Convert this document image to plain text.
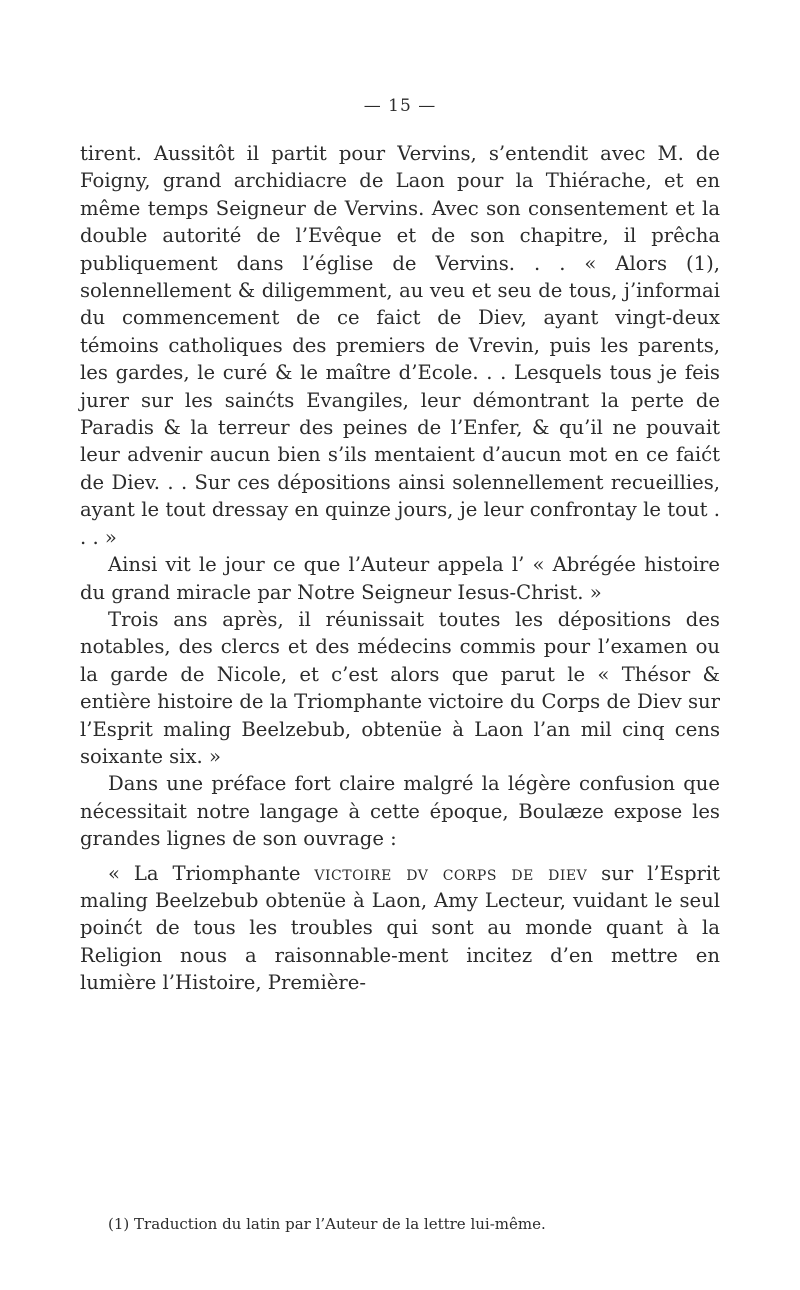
— 15 —

tirent. Aussitôt il partit pour Vervins, s’entendit avec M. de Foigny, grand archidiacre de Laon pour la Thiérache, et en même temps Seigneur de Vervins. Avec son consentement et la double autorité de l’Evêque et de son chapitre, il prêcha publiquement dans l’église de Vervins. . . « Alors (1), solennellement & diligemment, au veu et seu de tous, j’informai du commencement de ce faict de Diev, ayant vingt-deux témoins catholiques des premiers de Vrevin, puis les parents, les gardes, le curé & le maître d’Ecole. . . Lesquels tous je feis jurer sur les sainćts Evangiles, leur démontrant la perte de Paradis & la terreur des peines de l’Enfer, & qu’il ne pouvait leur advenir aucun bien s’ils mentaient d’aucun mot en ce faićt de Diev. . . Sur ces dépositions ainsi solennellement recueillies, ayant le tout dressay en quinze jours, je leur confrontay le tout . . . »

Ainsi vit le jour ce que l’Auteur appela l’ « Abrégée histoire du grand miracle par Notre Seigneur Iesus-Christ. »

Trois ans après, il réunissait toutes les dépositions des notables, des clercs et des médecins commis pour l’examen ou la garde de Nicole, et c’est alors que parut le « Thésor & entière histoire de la Triomphante victoire du Corps de Diev sur l’Esprit maling Beelzebub, obtenüe à Laon l’an mil cinq cens soixante six. »

Dans une préface fort claire malgré la légère confusion que nécessitait notre langage à cette époque, Boulæze expose les grandes lignes de son ouvrage :

« La Triomphante victoire dv corps de diev sur l’Esprit maling Beelzebub obtenüe à Laon, Amy Lecteur, vuidant le seul poinćt de tous les troubles qui sont au monde quant à la Religion nous a raisonnable-ment incitez d’en mettre en lumière l’Histoire, Première-

(1) Traduction du latin par l’Auteur de la lettre lui-même.
